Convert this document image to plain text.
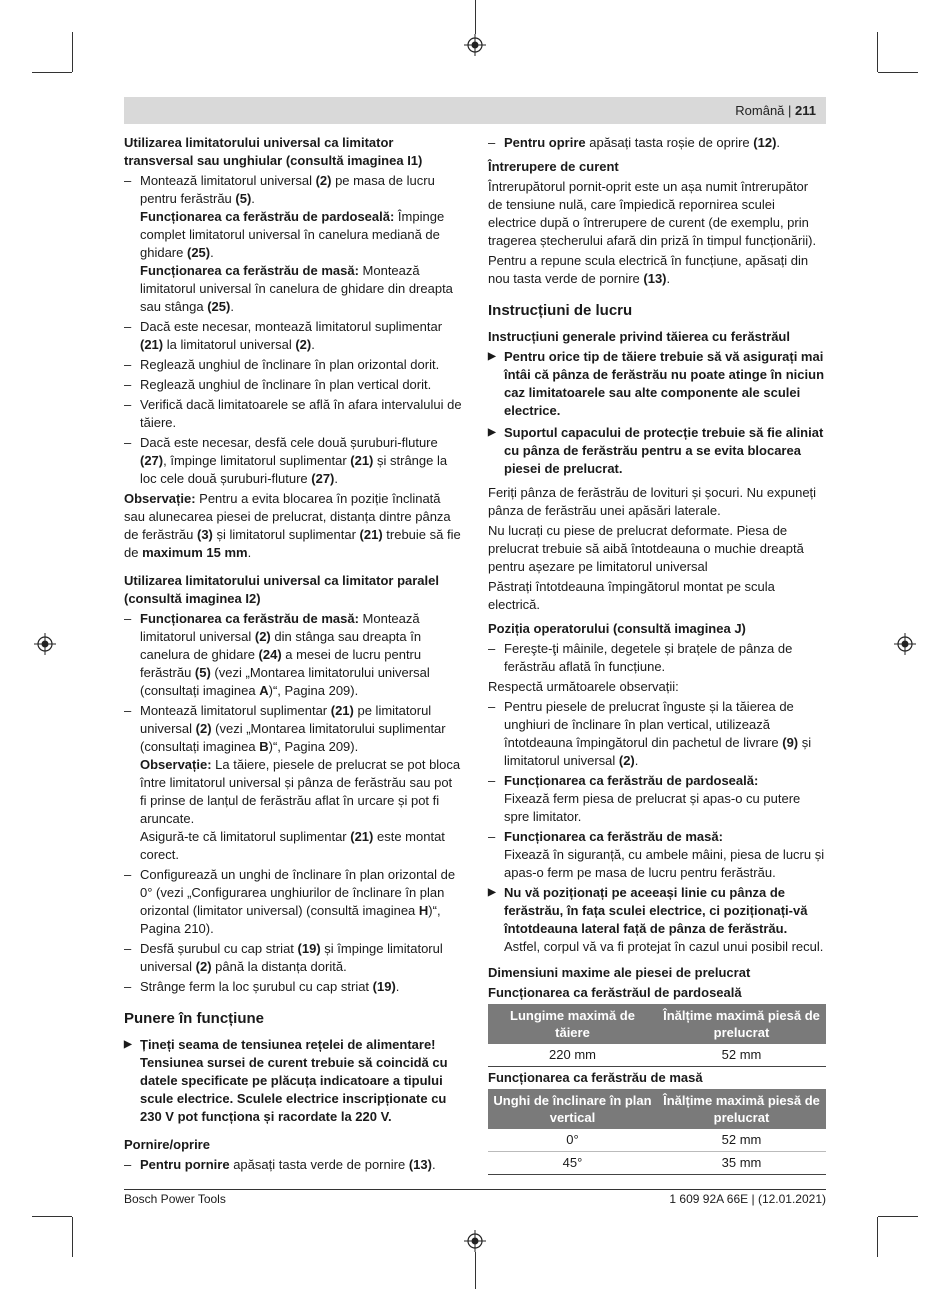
Română | 211

Utilizarea limitatorului universal ca limitator transversal sau unghiular (consultă imaginea I1)

– Montează limitatorul universal (2) pe masa de lucru pentru ferăstrău (5).
Funcționarea ca ferăstrău de pardoseală: Împinge complet limitatorul universal în canelura mediană de ghidare (25).
Funcționarea ca ferăstrău de masă: Montează limitatorul universal în canelura de ghidare din dreapta sau stânga (25).
– Dacă este necesar, montează limitatorul suplimentar (21) la limitatorul universal (2).
– Reglează unghiul de înclinare în plan orizontal dorit.
– Reglează unghiul de înclinare în plan vertical dorit.
– Verifică dacă limitatoarele se află în afara intervalului de tăiere.
– Dacă este necesar, desfă cele două șuruburi-fluture (27), împinge limitatorul suplimentar (21) și strânge la loc cele două șuruburi-fluture (27).

Observație: Pentru a evita blocarea în poziție înclinată sau alunecarea piesei de prelucrat, distanța dintre pânza de ferăstrău (3) și limitatorul suplimentar (21) trebuie să fie de maximum 15 mm.

Utilizarea limitatorului universal ca limitator paralel (consultă imaginea I2)

– Funcționarea ca ferăstrău de masă: Montează limitatorul universal (2) din stânga sau dreapta în canelura de ghidare (24) a mesei de lucru pentru ferăstrău (5) (vezi „Montarea limitatorului universal (consultați imaginea A)“, Pagina 209).
– Montează limitatorul suplimentar (21) pe limitatorul universal (2) (vezi „Montarea limitatorului suplimentar (consultați imaginea B)“, Pagina 209).
Observație: La tăiere, piesele de prelucrat se pot bloca între limitatorul universal și pânza de ferăstrău sau pot fi prinse de lanțul de ferăstrău aflat în urcare și pot fi aruncate.
Asigură-te că limitatorul suplimentar (21) este montat corect.
– Configurează un unghi de înclinare în plan orizontal de 0° (vezi „Configurarea unghiurilor de înclinare în plan orizontal (limitator universal) (consultă imaginea H)“, Pagina 210).
– Desfă șurubul cu cap striat (19) și împinge limitatorul universal (2) până la distanța dorită.
– Strânge ferm la loc șurubul cu cap striat (19).
Punere în funcțiune
▶ Țineți seama de tensiunea rețelei de alimentare! Tensiunea sursei de curent trebuie să coincidă cu datele specificate pe plăcuța indicatoare a tipului scule electrice. Sculele electrice inscripționate cu 230 V pot funcționa și racordate la 220 V.

Pornire/oprire

– Pentru pornire apăsați tasta verde de pornire (13).
– Pentru oprire apăsați tasta roșie de oprire (12).

Întrerupere de curent

Întrerupătorul pornit-oprit este un așa numit întrerupător de tensiune nulă, care împiedică repornirea sculei electrice după o întrerupere de curent (de exemplu, prin tragerea ștecherului afară din priză în timpul funcționării).

Pentru a repune scula electrică în funcțiune, apăsați din nou tasta verde de pornire (13).

Instrucțiuni de lucru

Instrucțiuni generale privind tăierea cu ferăstrăul

▶ Pentru orice tip de tăiere trebuie să vă asigurați mai întâi că pânza de ferăstrău nu poate atinge în niciun caz limitatoarele sau alte componente ale sculei electrice.
▶ Suportul capacului de protecție trebuie să fie aliniat cu pânza de ferăstrău pentru a se evita blocarea piesei de prelucrat.

Feriți pânza de ferăstrău de lovituri și șocuri. Nu expuneți pânza de ferăstrău unei apăsări laterale.

Nu lucrați cu piese de prelucrat deformate. Piesa de prelucrat trebuie să aibă întotdeauna o muchie dreaptă pentru așezare pe limitatorul universal

Păstrați întotdeauna împingătorul montat pe scula electrică.

Poziția operatorului (consultă imaginea J)

– Fereşte-ţi mâinile, degetele și brațele de pânza de ferăstrău aflată în funcțiune.

Respectă următoarele observații:

– Pentru piesele de prelucrat înguste și la tăierea de unghiuri de înclinare în plan vertical, utilizează întotdeauna împingătorul din pachetul de livrare (9) și limitatorul universal (2).
– Funcționarea ca ferăstrău de pardoseală:
Fixează ferm piesa de prelucrat și apas-o cu putere spre limitator.
– Funcționarea ca ferăstrău de masă:
Fixează în siguranță, cu ambele mâini, piesa de lucru și apas-o ferm pe masa de lucru pentru ferăstrău.
▶ Nu vă poziționați pe aceeași linie cu pânza de ferăstrău, în fața sculei electrice, ci poziționați-vă întotdeauna lateral față de pânza de ferăstrău. Astfel, corpul vă va fi protejat în cazul unui posibil recul.

Dimensiuni maxime ale piesei de prelucrat

Funcționarea ca ferăstrăul de pardoseală

Lungime maximă de tăiere	Înălțime maximă piesă de prelucrat
220 mm	52 mm

Funcționarea ca ferăstrău de masă

Unghi de înclinare în plan vertical	Înălțime maximă piesă de prelucrat
0°	52 mm
45°	35 mm
Bosch Power Tools	1 609 92A 66E | (12.01.2021)
